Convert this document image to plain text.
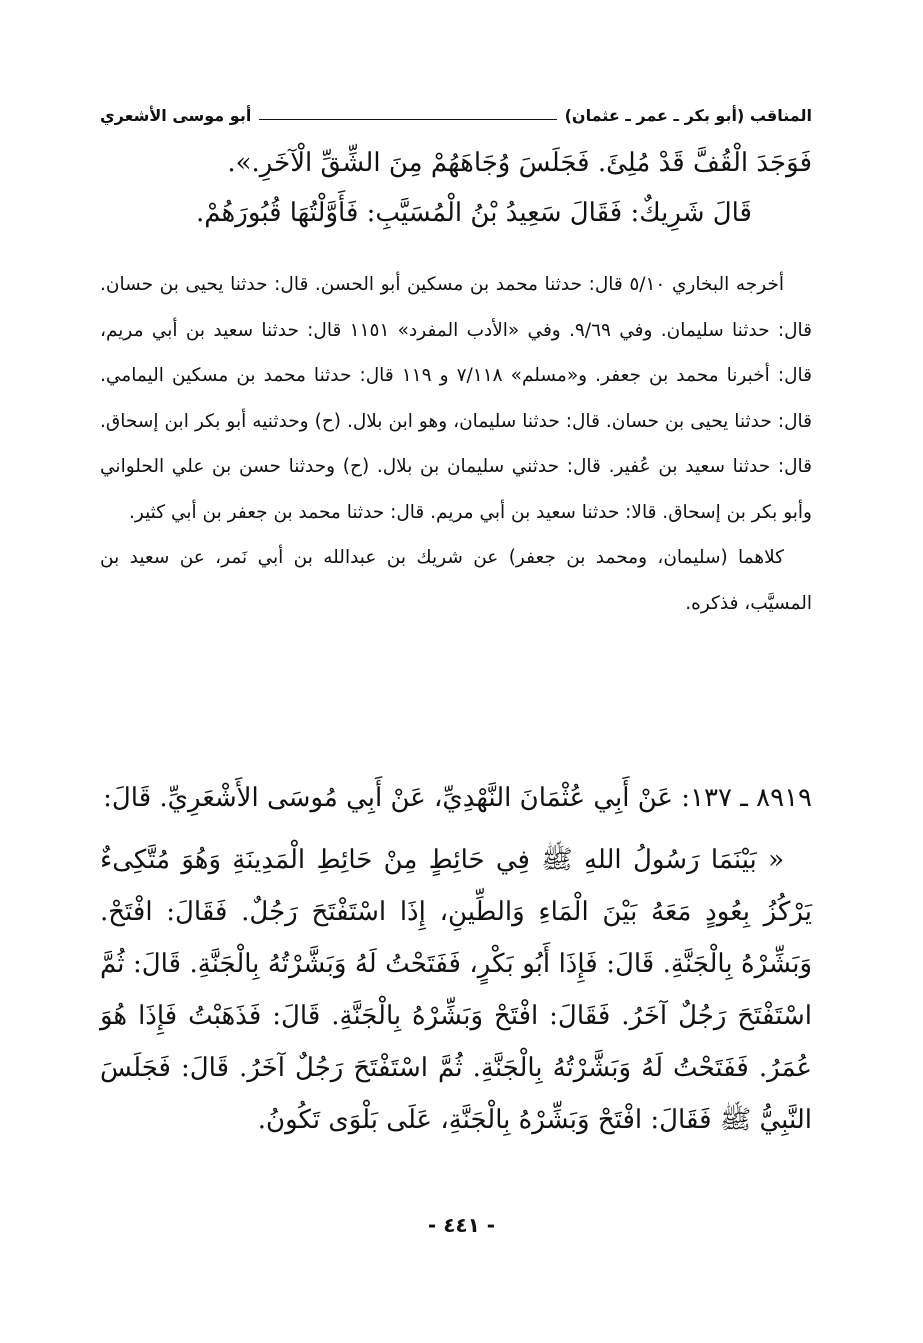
المناقب (أبو بكر ـ عمر ـ عثمان)
أبو موسى الأشعري

فَوَجَدَ الْقُفَّ قَدْ مُلِئَ. فَجَلَسَ وُجَاهَهُمْ مِنَ الشِّقِّ الْآخَرِ.».

قَالَ شَرِيكٌ: فَقَالَ سَعِيدُ بْنُ الْمُسَيَّبِ: فَأَوَّلْتُهَا قُبُورَهُمْ.

أخرجه البخاري ٥/١٠ قال: حدثنا محمد بن مسكين أبو الحسن. قال: حدثنا يحيى بن حسان. قال: حدثنا سليمان. وفي ٩/٦٩. وفي «الأدب المفرد» ١١٥١ قال: حدثنا سعيد بن أبي مريم، قال: أخبرنا محمد بن جعفر. و«مسلم» ٧/١١٨ و ١١٩ قال: حدثنا محمد بن مسكين اليمامي. قال: حدثنا يحيى بن حسان. قال: حدثنا سليمان، وهو ابن بلال. (ح) وحدثنيه أبو بكر ابن إسحاق. قال: حدثنا سعيد بن عُفير. قال: حدثني سليمان بن بلال. (ح) وحدثنا حسن بن علي الحلواني وأبو بكر بن إسحاق. قالا: حدثنا سعيد بن أبي مريم. قال: حدثنا محمد بن جعفر بن أبي كثير.

كلاهما (سليمان، ومحمد بن جعفر) عن شريك بن عبدالله بن أبي نَمر، عن سعيد بن المسيَّب، فذكره.

٨٩١٩ ـ ١٣٧: عَنْ أَبِي عُثْمَانَ النَّهْدِيِّ، عَنْ أَبِي مُوسَى الأَشْعَرِيِّ. قَالَ:

« بَيْنَمَا رَسُولُ اللهِ ﷺ فِي حَائِطٍ مِنْ حَائِطِ الْمَدِينَةِ وَهُوَ مُتَّكِىءٌ يَرْكُزُ بِعُودٍ مَعَهُ بَيْنَ الْمَاءِ وَالطِّينِ، إِذَا اسْتَفْتَحَ رَجُلٌ. فَقَالَ: افْتَحْ. وَبَشِّرْهُ بِالْجَنَّةِ. قَالَ: فَإِذَا أَبُو بَكْرٍ، فَفَتَحْتُ لَهُ وَبَشَّرْتُهُ بِالْجَنَّةِ. قَالَ: ثُمَّ اسْتَفْتَحَ رَجُلٌ آخَرُ. فَقَالَ: افْتَحْ وَبَشِّرْهُ بِالْجَنَّةِ. قَالَ: فَذَهَبْتُ فَإِذَا هُوَ عُمَرُ. فَفَتَحْتُ لَهُ وَبَشَّرْتُهُ بِالْجَنَّةِ. ثُمَّ اسْتَفْتَحَ رَجُلٌ آخَرُ. قَالَ: فَجَلَسَ النَّبِيُّ ﷺ فَقَالَ: افْتَحْ وَبَشِّرْهُ بِالْجَنَّةِ، عَلَى بَلْوَى تَكُونُ.

- ٤٤١ -
